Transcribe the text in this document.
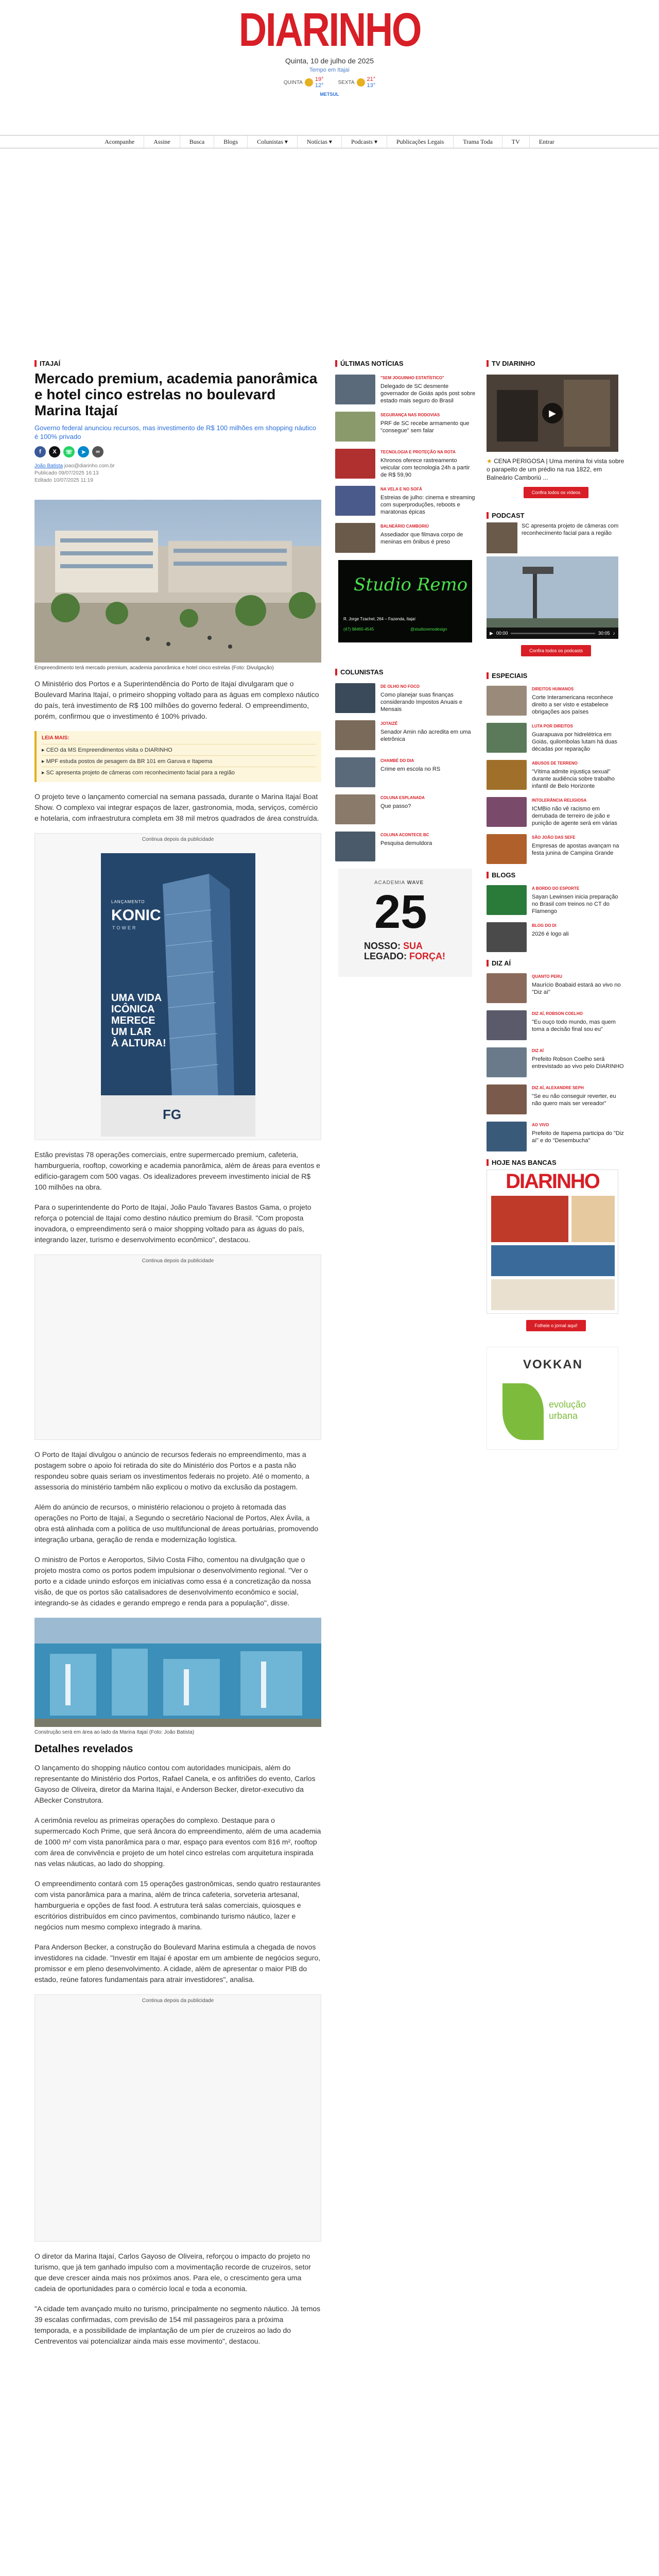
DIARINHO
Quinta, 10 de julho de 2025
Tempo em Itajaí
QUINTA 19°
12°	SEXTA 21°
13°
METSUL
Acompanhe	Assine	Busca	Blogs	Colunistas ▾	Notícias ▾	Podcasts ▾	Publicações Legais	Trama Toda	TV	Entrar
ITAJAÍ
Mercado premium, academia panorâmica e hotel cinco estrelas no boulevard Marina Itajaí
Governo federal anunciou recursos, mas investimento de R$ 100 milhões em shopping náutico é 100% privado
f	X	☏	➤	∞
João Batista joao@diarinho.com.br
Publicado 09/07/2025 16:13
Editado 10/07/2025 11:19
Empreendimento terá mercado premium, academia panorâmica e hotel cinco estrelas (Foto: Divulgação)

O Ministério dos Portos e a Superintendência do Porto de Itajaí divulgaram que o Boulevard Marina Itajaí, o primeiro shopping voltado para as águas em complexo náutico do país, terá investimento de R$ 100 milhões do governo federal. O empreendimento, porém, confirmou que o investimento é 100% privado.

LEIA MAIS:
▸ CEO da MS Empreendimentos visita o DIARINHO
▸ MPF estuda postos de pesagem da BR 101 em Garuva e Itapema
▸ SC apresenta projeto de câmeras com reconhecimento facial para a região

O projeto teve o lançamento comercial na semana passada, durante o Marina Itajaí Boat Show. O complexo vai integrar espaços de lazer, gastronomia, moda, serviços, comércio e hotelaria, com infraestrutura completa em 38 mil metros quadrados de área construída.

Continua depois da publicidade
LANÇAMENTO
KONIC
TOWER
UMA VIDA
ICÔNICA
MERECE
UM LAR
À ALTURA!
FG

Estão previstas 78 operações comerciais, entre supermercado premium, cafeteria, hamburgueria, rooftop, coworking e academia panorâmica, além de áreas para eventos e edifício-garagem com 500 vagas. Os idealizadores preveem investimento inicial de R$ 100 milhões na obra.

Para o superintendente do Porto de Itajaí, João Paulo Tavares Bastos Gama, o projeto reforça o potencial de Itajaí como destino náutico premium do Brasil. "Com proposta inovadora, o empreendimento será o maior shopping voltado para as águas do país, integrando lazer, turismo e desenvolvimento econômico", destacou.

Continua depois da publicidade

O Porto de Itajaí divulgou o anúncio de recursos federais no empreendimento, mas a postagem sobre o apoio foi retirada do site do Ministério dos Portos e a pasta não respondeu sobre quais seriam os investimentos federais no projeto. Até o momento, a assessoria do ministério também não explicou o motivo da exclusão da postagem.

Além do anúncio de recursos, o ministério relacionou o projeto à retomada das operações no Porto de Itajaí, a Segundo o secretário Nacional de Portos, Alex Ávila, a obra está alinhada com a política de uso multifuncional de áreas portuárias, promovendo integração urbana, geração de renda e modernização logística.

O ministro de Portos e Aeroportos, Silvio Costa Filho, comentou na divulgação que o projeto mostra como os portos podem impulsionar o desenvolvimento regional. "Ver o porto e a cidade unindo esforços em iniciativas como essa é a concretização da nossa visão, de que os portos são catalisadores de desenvolvimento econômico e social, integrando-se às cidades e gerando emprego e renda para a população", disse.

Construção será em área ao lado da Marina Itajaí (Foto: João Batista)
Detalhes revelados

O lançamento do shopping náutico contou com autoridades municipais, além do representante do Ministério dos Portos, Rafael Canela, e os anfitriões do evento, Carlos Gayoso de Oliveira, diretor da Marina Itajaí, e Anderson Becker, diretor-executivo da ABecker Construtora.

A cerimônia revelou as primeiras operações do complexo. Destaque para o supermercado Koch Prime, que será âncora do empreendimento, além de uma academia de 1000 m² com vista panorâmica para o mar, espaço para eventos com 816 m², rooftop com área de convivência e projeto de um hotel cinco estrelas com arquitetura inspirada nas velas náuticas, ao lado do shopping.

O empreendimento contará com 15 operações gastronômicas, sendo quatro restaurantes com vista panorâmica para a marina, além de trinca cafeteria, sorveteria artesanal, hamburgueria e opções de fast food. A estrutura terá salas comerciais, quiosques e escritórios distribuídos em cinco pavimentos, combinando turismo náutico, lazer e negócios num mesmo complexo integrado à marina.

Para Anderson Becker, a construção do Boulevard Marina estimula a chegada de novos investidores na cidade. "Investir em Itajaí é apostar em um ambiente de negócios seguro, promissor e em pleno desenvolvimento. A cidade, além de apresentar o maior PIB do estado, reúne fatores fundamentais para atrair investidores", analisa.

Continua depois da publicidade

O diretor da Marina Itajaí, Carlos Gayoso de Oliveira, reforçou o impacto do projeto no turismo, que já tem ganhado impulso com a movimentação recorde de cruzeiros, setor que deve crescer ainda mais nos próximos anos. Para ele, o crescimento gera uma cadeia de oportunidades para o comércio local e toda a economia.

"A cidade tem avançado muito no turismo, principalmente no segmento náutico. Já temos 39 escalas confirmadas, com previsão de 154 mil passageiros para a próxima temporada, e a possibilidade de implantação de um píer de cruzeiros ao lado do Centreventos vai potencializar ainda mais esse movimento", destacou.

ÚLTIMAS NOTÍCIAS
"SEM JOGUINHO ESTATÍSTICO"
Delegado de SC desmente governador de Goiás após post sobre estado mais seguro do Brasil
SEGURANÇA NAS RODOVIAS
PRF de SC recebe armamento que "consegue" sem falar
TECNOLOGIA E PROTEÇÃO NA ROTA
Khronos oferece rastreamento veicular com tecnologia 24h a partir de R$ 59,90
NA VELA E NO SOFÁ
Estreias de julho: cinema e streaming com superproduções, reboots e maratonas épicas
BALNEÁRIO CAMBORIÚ
Assediador que filmava corpo de meninas em ônibus é preso
Studio Remo
R. Jorge Tzachel, 264 – Fazenda, Itajaí
(47) 98465-4545	@studioremodesign
COLUNISTAS
DE OLHO NO FOCO
Como planejar suas finanças considerando Impostos Anuais e Mensais
JOTAIZÊ
Senador Amin não acredita em uma eletrônica
CHAMBÉ DO DIA
Crime em escola no RS
COLUNA ESPLANADA
Que passo?
COLUNA ACONTECE BC
Pesquisa demuldora
ACADEMIA WAVE
25
NOSSO: SUA
LEGADO: FORÇA!
TV DIARINHO
▶
★ CENA PERIGOSA | Uma menina foi vista sobre o parapeito de um prédio na rua 1822, em Balneário Camboriú ...
Confira todos os vídeos
PODCAST
SC apresenta projeto de câmeras com reconhecimento facial para a região
▶ 00:00	30:05 ♪
Confira todos os podcasts
ESPECIAIS
DIREITOS HUMANOS
Corte Interamericana reconhece direito a ser visto e estabelece obrigações aos países
LUTA POR DIREITOS
Guarapuava por hidrelétrica em Goiás, quilombolas lutam há duas décadas por reparação
ABUSOS DE TERRENO
"Vítima admite injustiça sexual" durante audiência sobre trabalho infantil de Belo Horizonte
INTOLERÂNCIA RELIGIOSA
ICMBio não vê racismo em derrubada de terreiro de joão e punição de agente será em várias
SÃO JOÃO DAS SEFE
Empresas de apostas avançam na festa junina de Campina Grande
BLOGS
A BORDO DO ESPORTE
Sayan Lewinsen inicia preparação no Brasil com treinos no CT do Flamengo
BLOG DO DI
2026 é logo ali
DIZ AÍ
QUANTO PERU
Maurício Boabaid estará ao vivo no "Diz aí"
DIZ AÍ, ROBSON COELHO
"Eu ouço todo mundo, mas quem toma a decisão final sou eu"
DIZ AÍ
Prefeito Robson Coelho será entrevistado ao vivo pelo DIARINHO
DIZ AÍ, ALEXANDRE SEPH
"Se eu não conseguir reverter, eu não quero mais ser vereador"
AO VIVO
Prefeito de Itapema participa do "Diz aí" e do "Desembucha"
HOJE NAS BANCAS
DIARINHO
Folheie o jornal aqui!
VOKKAN
evolução
urbana
